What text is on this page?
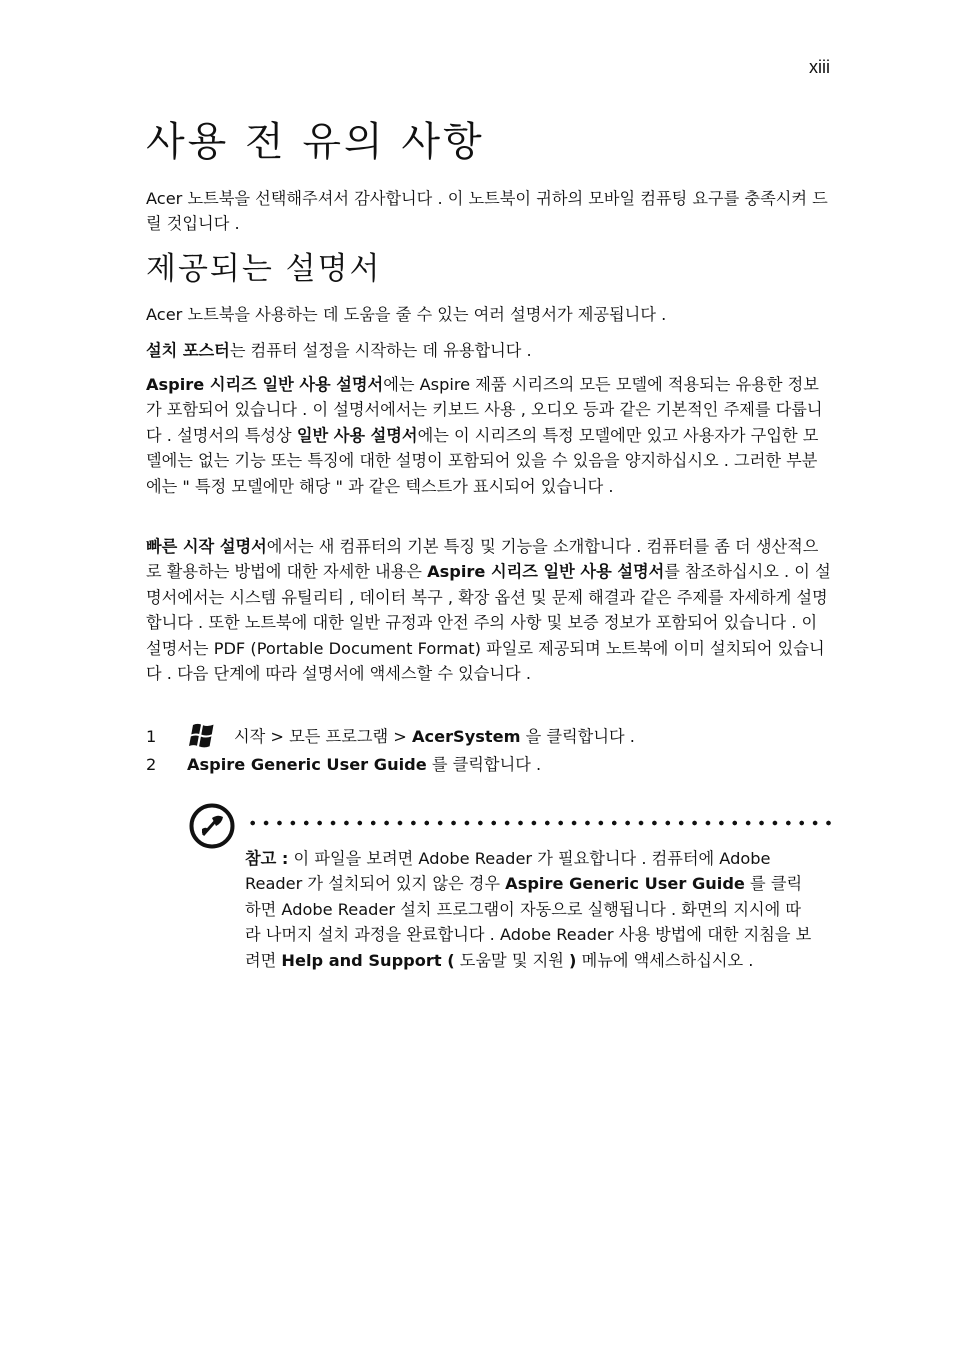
xiii
사용 전 유의 사항

Acer 노트북을 선택해주셔서 감사합니다 . 이 노트북이 귀하의 모바일 컴퓨팅 요구를 충족시켜 드릴 것입니다 .

제공되는 설명서

Acer 노트북을 사용하는 데 도움을 줄 수 있는 여러 설명서가 제공됩니다 .

설치 포스터는 컴퓨터 설정을 시작하는 데 유용합니다 .

Aspire 시리즈 일반 사용 설명서에는 Aspire 제품 시리즈의 모든 모델에 적용되는 유용한 정보가 포함되어 있습니다 . 이 설명서에서는 키보드 사용 , 오디오 등과 같은 기본적인 주제를 다룹니다 . 설명서의 특성상 일반 사용 설명서에는 이 시리즈의 특정 모델에만 있고 사용자가 구입한 모델에는 없는 기능 또는 특징에 대한 설명이 포함되어 있을 수 있음을 양지하십시오 . 그러한 부분에는 " 특정 모델에만 해당 " 과 같은 텍스트가 표시되어 있습니다 .

빠른 시작 설명서에서는 새 컴퓨터의 기본 특징 및 기능을 소개합니다 . 컴퓨터를 좀 더 생산적으로 활용하는 방법에 대한 자세한 내용은 Aspire 시리즈 일반 사용 설명서를 참조하십시오 . 이 설명서에서는 시스템 유틸리티 , 데이터 복구 , 확장 옵션 및 문제 해결과 같은 주제를 자세하게 설명합니다 . 또한 노트북에 대한 일반 규정과 안전 주의 사항 및 보증 정보가 포함되어 있습니다 . 이 설명서는 PDF (Portable Document Format) 파일로 제공되며 노트북에 이미 설치되어 있습니다 . 다음 단계에 따라 설명서에 액세스할 수 있습니다 .

1	시작 > 모든 프로그램 > AcerSystem 을 클릭합니다 .
2	Aspire Generic User Guide 를 클릭합니다 .

참고 : 이 파일을 보려면 Adobe Reader 가 필요합니다 . 컴퓨터에 Adobe Reader 가 설치되어 있지 않은 경우 Aspire Generic User Guide 를 클릭하면 Adobe Reader 설치 프로그램이 자동으로 실행됩니다 . 화면의 지시에 따라 나머지 설치 과정을 완료합니다 . Adobe Reader 사용 방법에 대한 지침을 보려면 Help and Support ( 도움말 및 지원 ) 메뉴에 액세스하십시오 .
